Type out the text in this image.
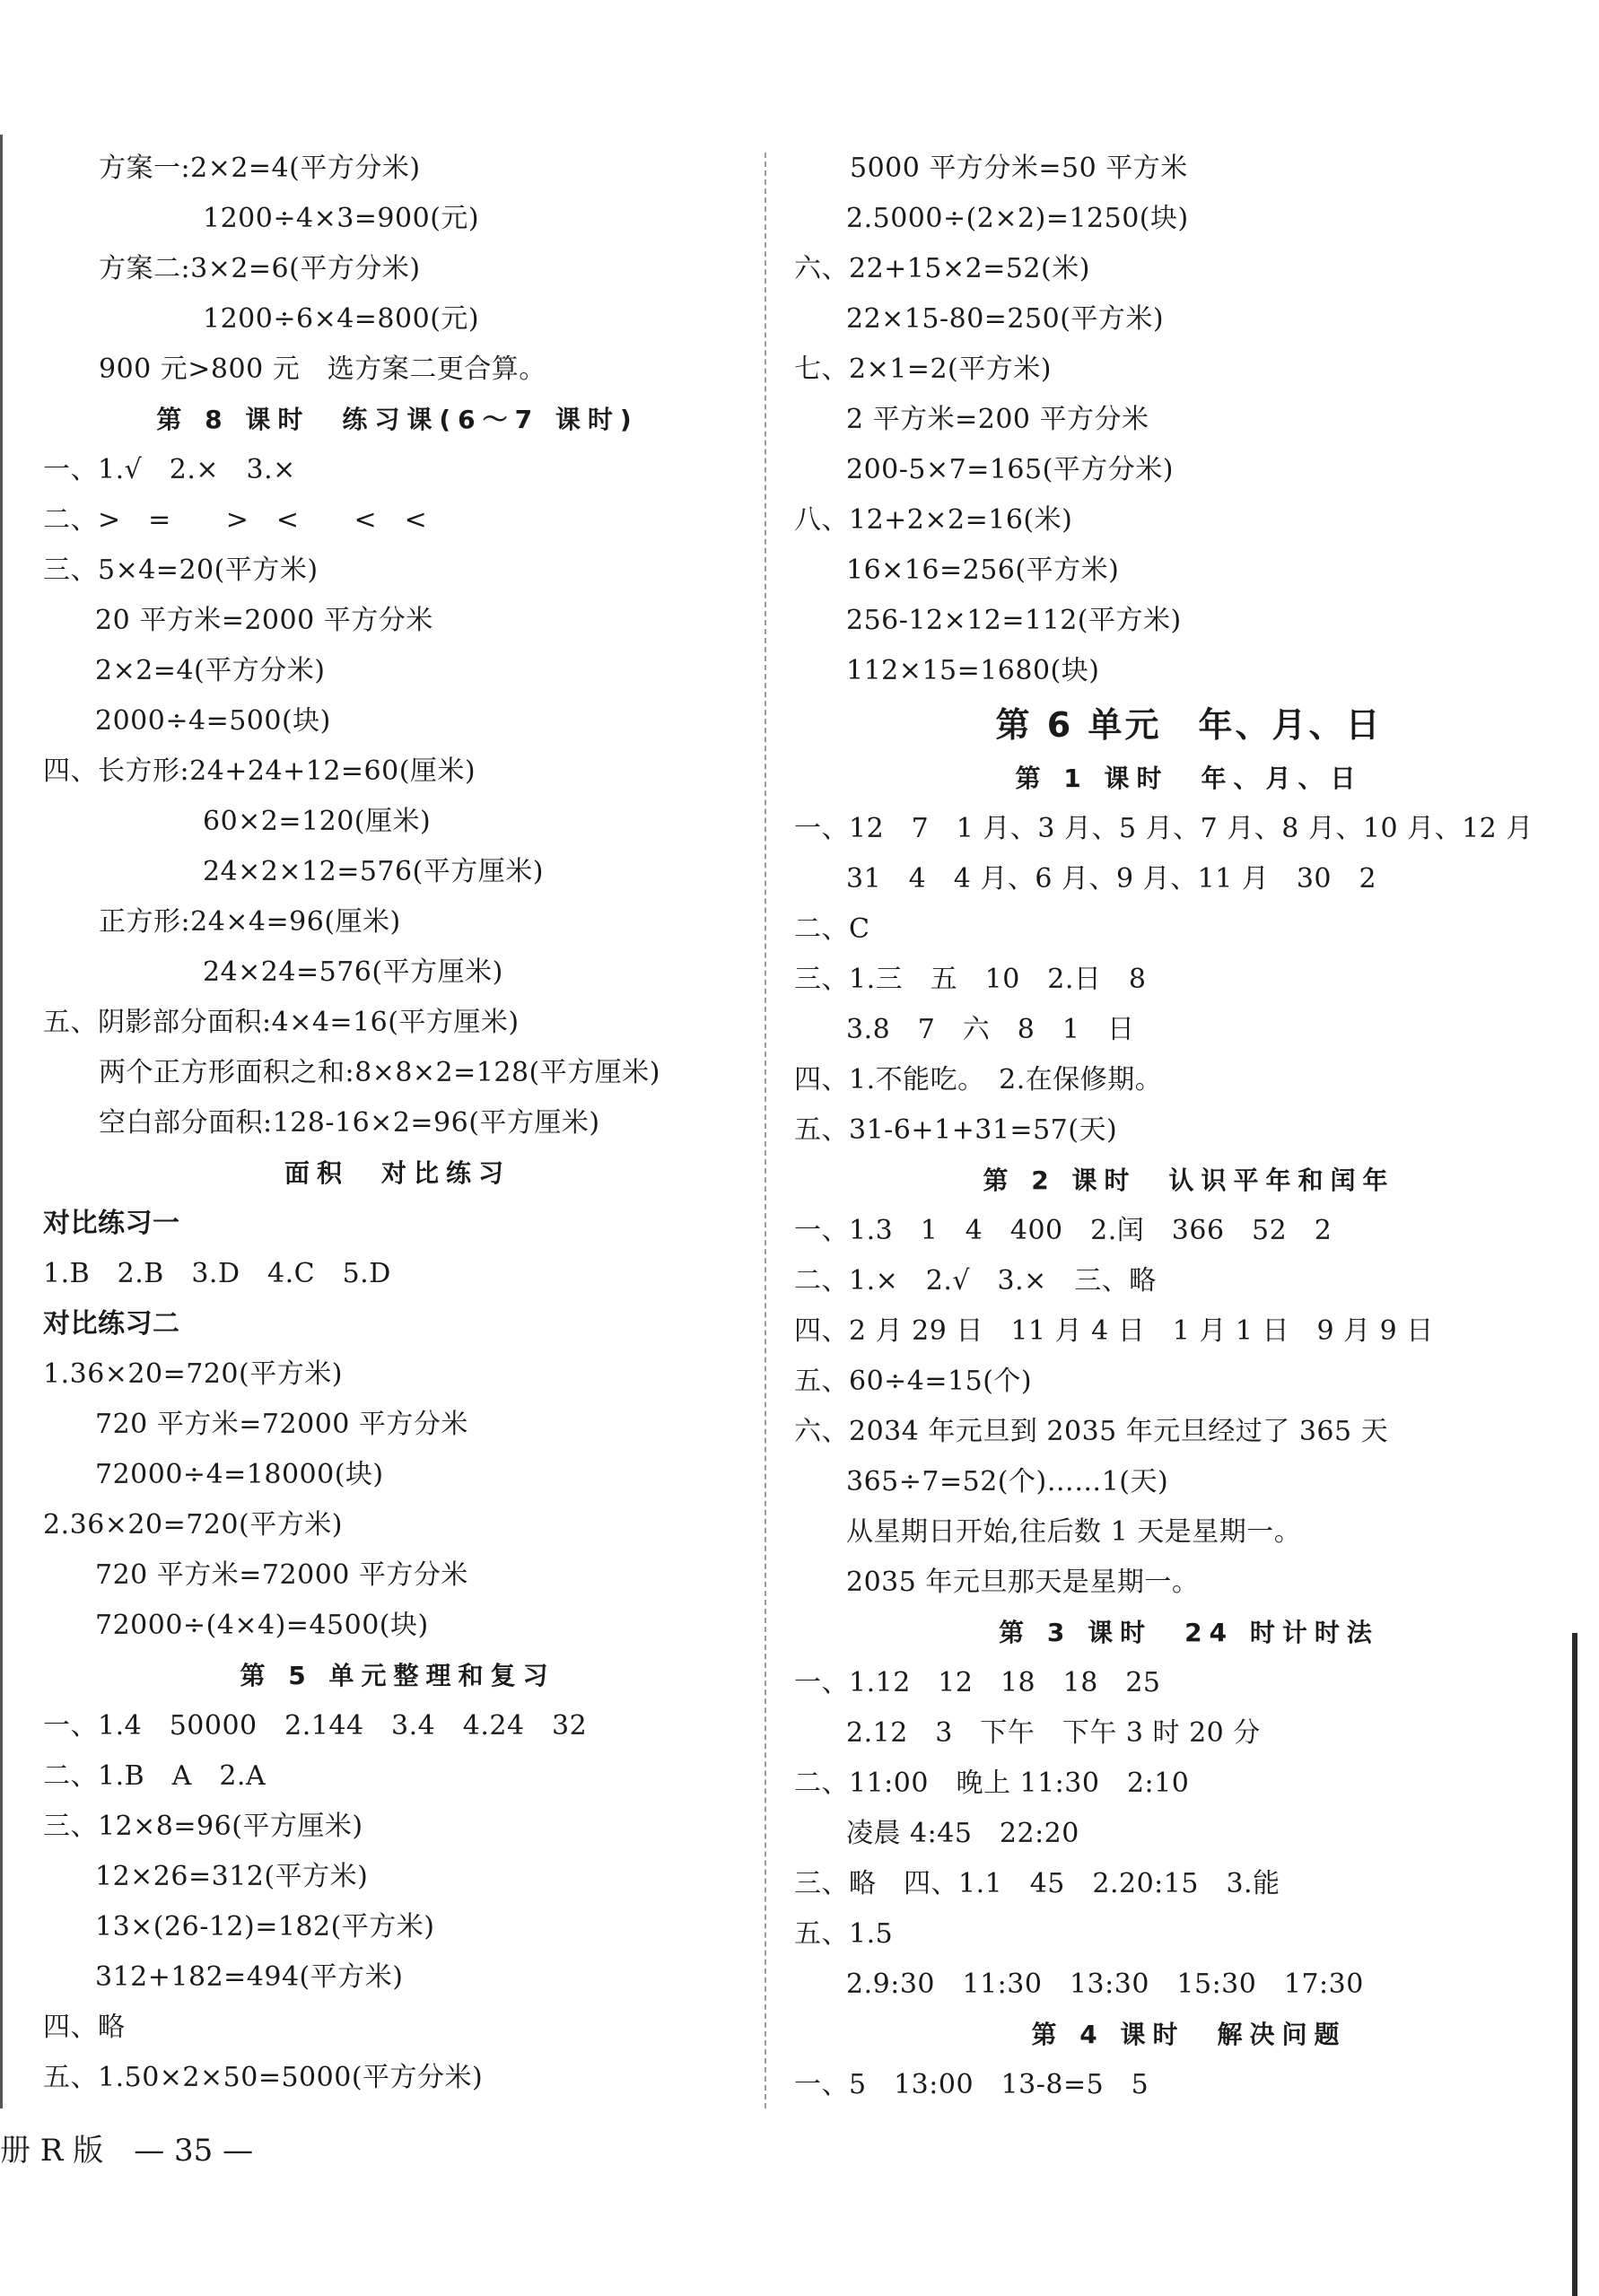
方案一:2×2=4(平方分米)
1200÷4×3=900(元)
方案二:3×2=6(平方分米)
1200÷6×4=800(元)
900 元>800 元　选方案二更合算。
第 8 课时　练习课(6～7 课时)
一、1.√　2.×　3.×
二、>　=　　>　<　　<　<
三、5×4=20(平方米)
20 平方米=2000 平方分米
2×2=4(平方分米)
2000÷4=500(块)
四、长方形:24+24+12=60(厘米)
60×2=120(厘米)
24×2×12=576(平方厘米)
正方形:24×4=96(厘米)
24×24=576(平方厘米)
五、阴影部分面积:4×4=16(平方厘米)
两个正方形面积之和:8×8×2=128(平方厘米)
空白部分面积:128-16×2=96(平方厘米)
面积　对比练习
对比练习一
1.B　2.B　3.D　4.C　5.D
对比练习二
1.36×20=720(平方米)
720 平方米=72000 平方分米
72000÷4=18000(块)
2.36×20=720(平方米)
720 平方米=72000 平方分米
72000÷(4×4)=4500(块)
第 5 单元整理和复习
一、1.4　50000　2.144　3.4　4.24　32
二、1.B　A　2.A
三、12×8=96(平方厘米)
12×26=312(平方米)
13×(26-12)=182(平方米)
312+182=494(平方米)
四、略
五、1.50×2×50=5000(平方分米)
5000 平方分米=50 平方米
2.5000÷(2×2)=1250(块)
六、22+15×2=52(米)
22×15-80=250(平方米)
七、2×1=2(平方米)
2 平方米=200 平方分米
200-5×7=165(平方分米)
八、12+2×2=16(米)
16×16=256(平方米)
256-12×12=112(平方米)
112×15=1680(块)
第 6 单元　年、月、日
第 1 课时　年、月、日
一、12　7　1 月、3 月、5 月、7 月、8 月、10 月、12 月
31　4　4 月、6 月、9 月、11 月　30　2
二、C
三、1.三　五　10　2.日　8
3.8　7　六　8　1　日
四、1.不能吃。　2.在保修期。
五、31-6+1+31=57(天)
第 2 课时　认识平年和闰年
一、1.3　1　4　400　2.闰　366　52　2
二、1.×　2.√　3.×　三、略
四、2 月 29 日　11 月 4 日　1 月 1 日　9 月 9 日
五、60÷4=15(个)
六、2034 年元旦到 2035 年元旦经过了 365 天
365÷7=52(个)……1(天)
从星期日开始,往后数 1 天是星期一。
2035 年元旦那天是星期一。
第 3 课时　24 时计时法
一、1.12　12　18　18　25
2.12　3　下午　下午 3 时 20 分
二、11:00　晚上 11:30　2:10
凌晨 4:45　22:20
三、略　四、1.1　45　2.20:15　3.能
五、1.5
2.9:30　11:30　13:30　15:30　17:30
第 4 课时　解决问题
一、5　13:00　13-8=5　5
册 R 版　— 35 —
